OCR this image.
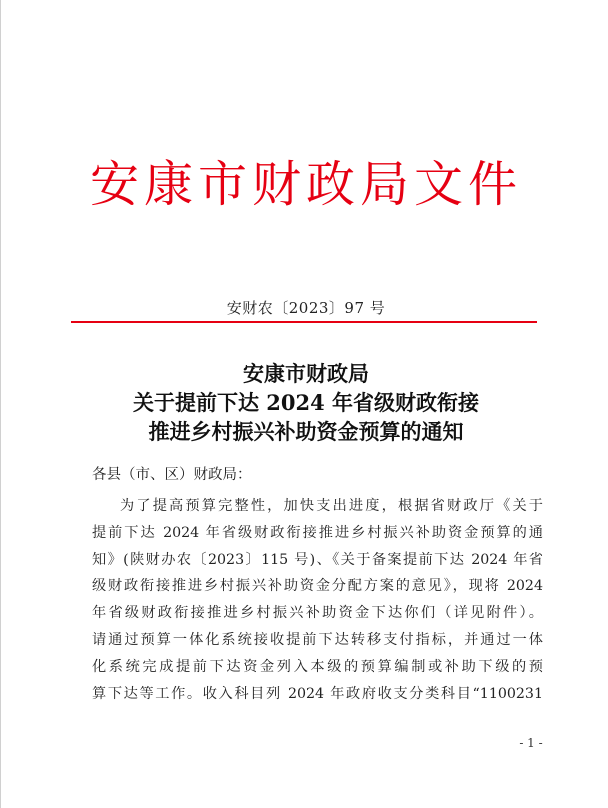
安康市财政局文件
安财农〔2023〕97 号
安康市财政局
关于提前下达 2024 年省级财政衔接
推进乡村振兴补助资金预算的通知
各县（市、区）财政局：
为了提高预算完整性，加快支出进度，根据省财政厅《关于
提前下达 2024 年省级财政衔接推进乡村振兴补助资金预算的通
知》(陕财办农〔2023〕115 号)、《关于备案提前下达 2024 年省
级财政衔接推进乡村振兴补助资金分配方案的意见》，现将 2024
年省级财政衔接推进乡村振兴补助资金下达你们（详见附件）。
请通过预算一体化系统接收提前下达转移支付指标，并通过一体
化系统完成提前下达资金列入本级的预算编制或补助下级的预
算下达等工作。收入科目列 2024 年政府收支分类科目“1100231
- 1 -
